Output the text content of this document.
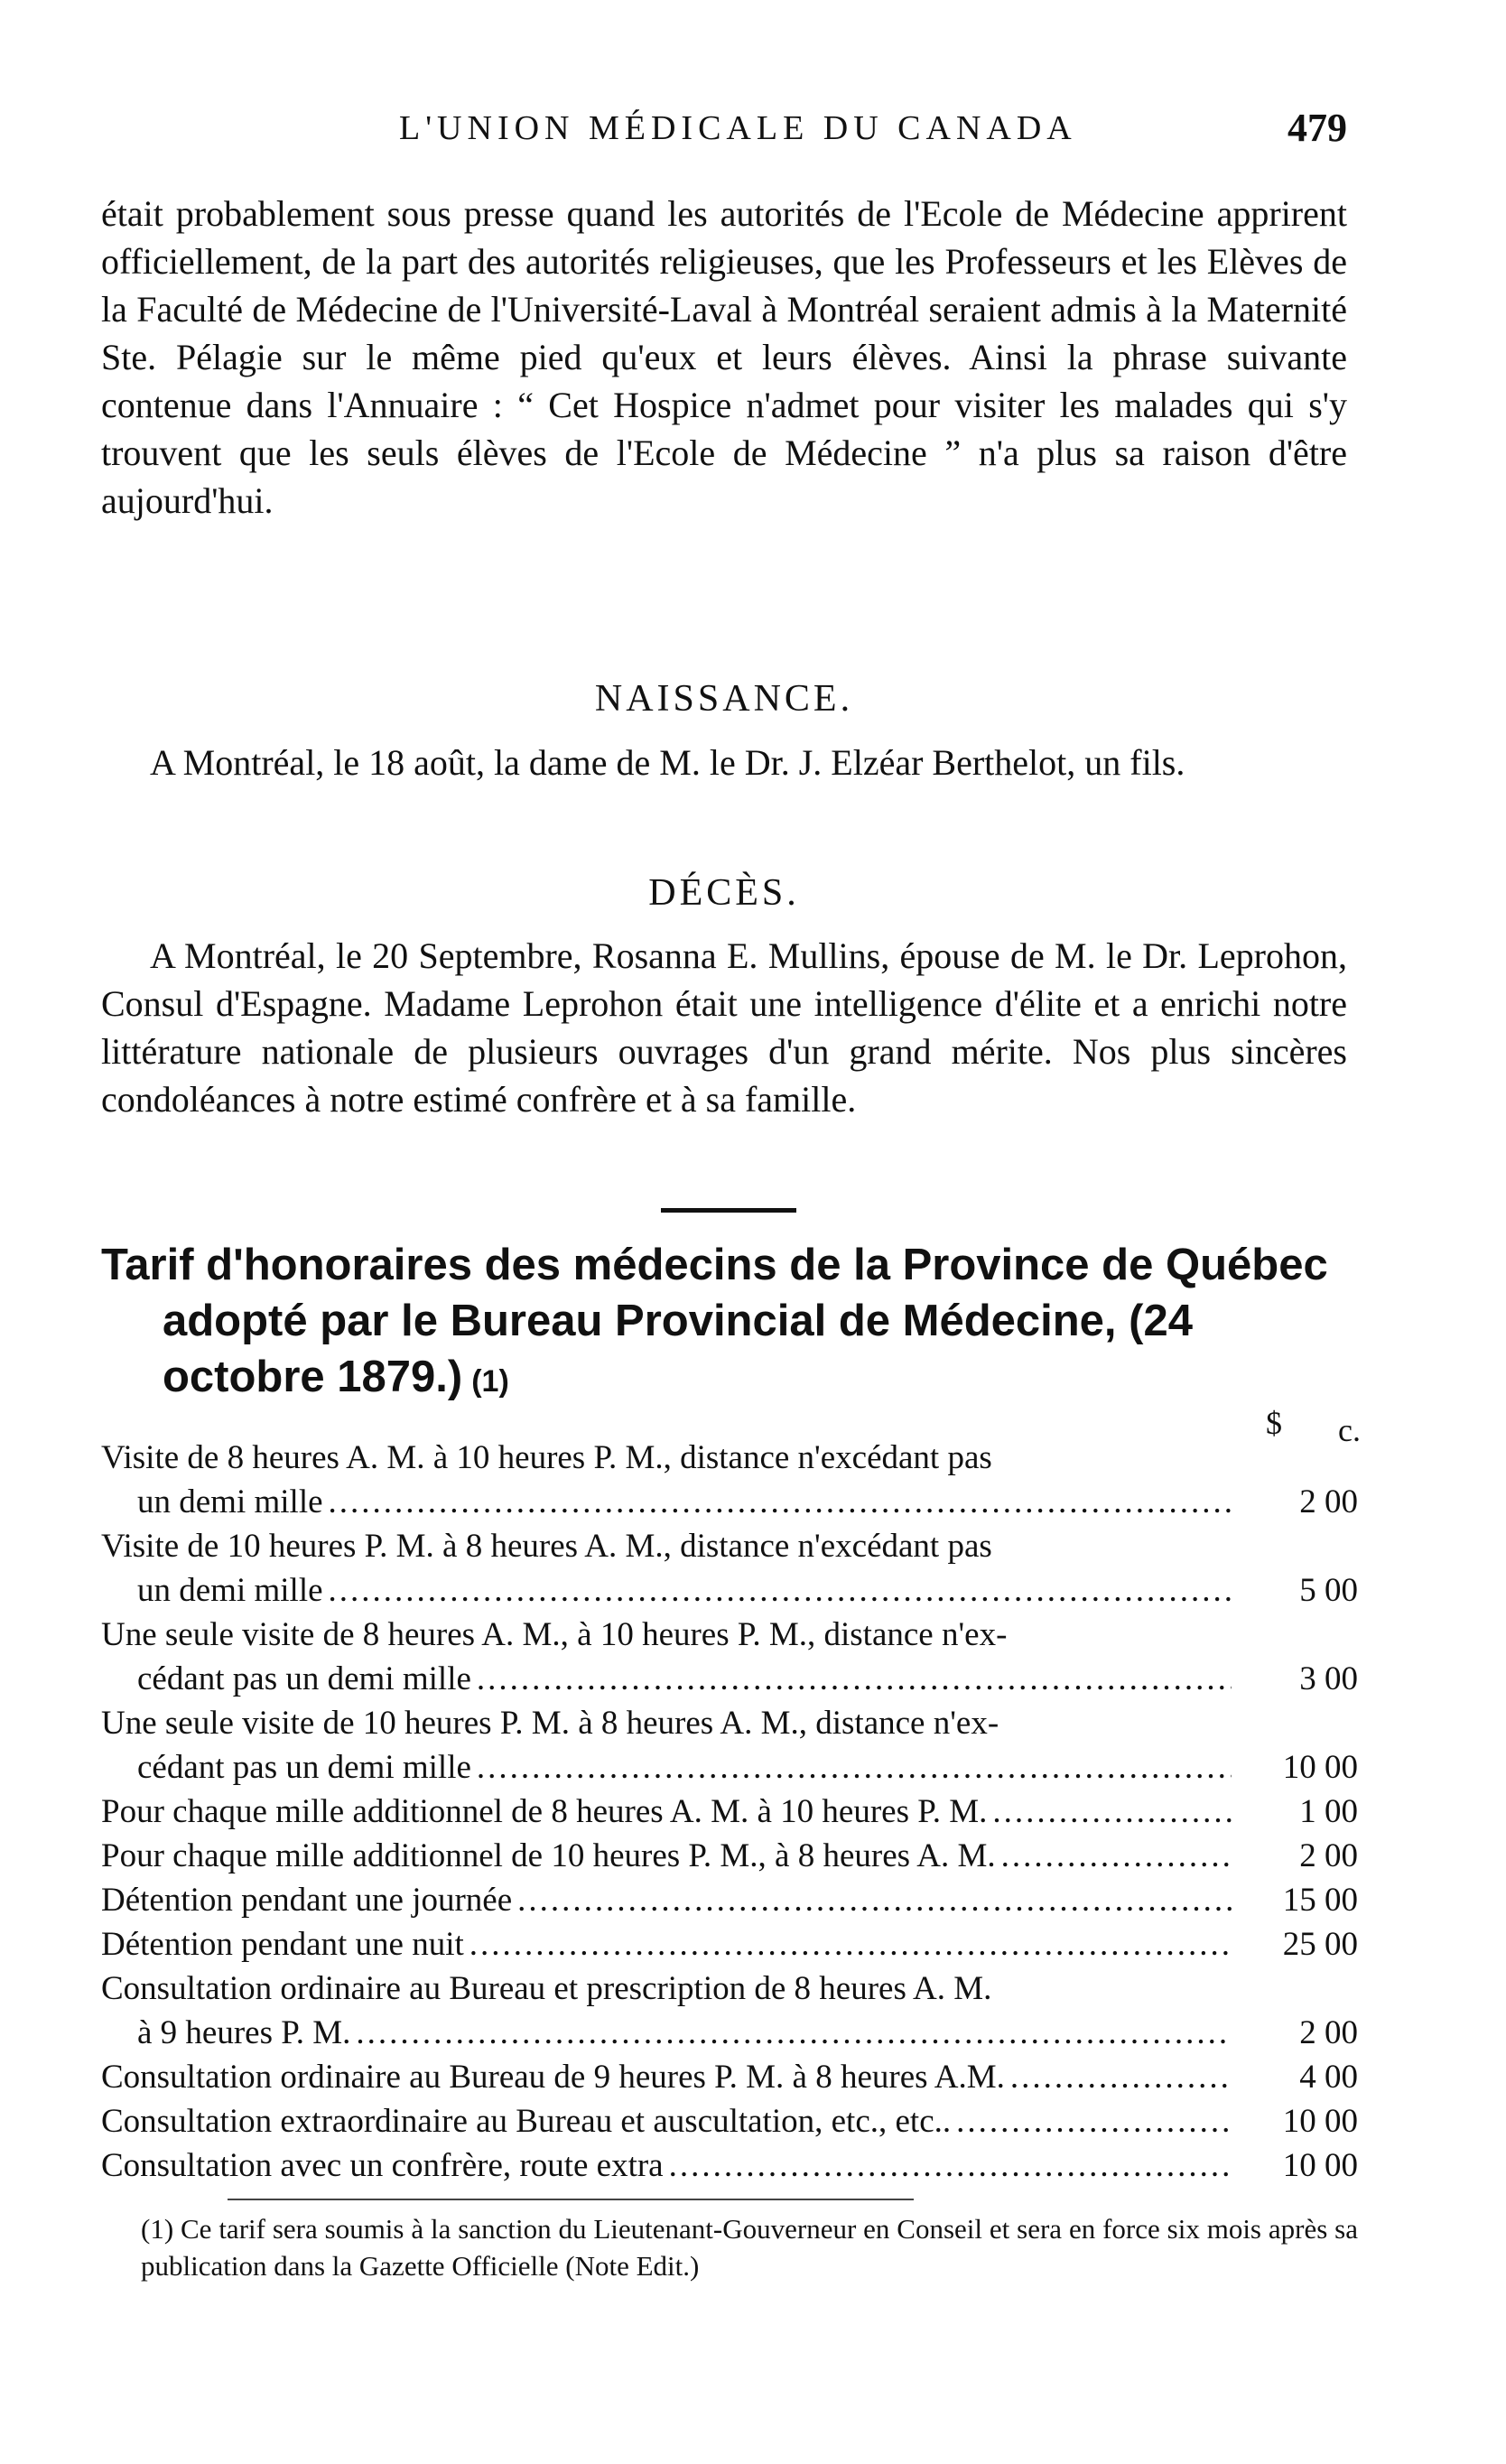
L'UNION MÉDICALE DU CANADA	479

était probablement sous presse quand les autorités de l'Ecole de Médecine apprirent officiellement, de la part des autorités religieuses, que les Professeurs et les Elèves de la Faculté de Médecine de l'Université-Laval à Montréal seraient admis à la Maternité Ste. Pélagie sur le même pied qu'eux et leurs élèves. Ainsi la phrase suivante contenue dans l'Annuaire : “ Cet Hospice n'admet pour visiter les malades qui s'y trouvent que les seuls élèves de l'Ecole de Médecine ” n'a plus sa raison d'être aujourd'hui.

NAISSANCE.

A Montréal, le 18 août, la dame de M. le Dr. J. Elzéar Berthelot, un fils.

DÉCÈS.

A Montréal, le 20 Septembre, Rosanna E. Mullins, épouse de M. le Dr. Leprohon, Consul d'Espagne. Madame Leprohon était une intelligence d'élite et a enrichi notre littérature nationale de plusieurs ouvrages d'un grand mérite. Nos plus sincères condoléances à notre estimé confrère et à sa famille.

Tarif d'honoraires des médecins de la Province de Québec adopté par le Bureau Provincial de Médecine, (24 octobre 1879.) (1)
$ c.
Visite de 8 heures A. M. à 10 heures P. M., distance n'excédant pas
un demi mille .....	2 00
Visite de 10 heures P. M. à 8 heures A. M., distance n'excédant pas
un demi mille .....	5 00
Une seule visite de 8 heures A. M., à 10 heures P. M., distance n'ex-
cédant pas un demi mille .....	3 00
Une seule visite de 10 heures P. M. à 8 heures A. M., distance n'ex-
cédant pas un demi mille .....	10 00
Pour chaque mille additionnel de 8 heures A. M. à 10 heures P. M. .....	1 00
Pour chaque mille additionnel de 10 heures P. M., à 8 heures A. M. .....	2 00
Détention pendant une journée .....	15 00
Détention pendant une nuit .....	25 00
Consultation ordinaire au Bureau et prescription de 8 heures A. M.
à 9 heures P. M. .....	2 00
Consultation ordinaire au Bureau de 9 heures P. M. à 8 heures A.M. .....	4 00
Consultation extraordinaire au Bureau et auscultation, etc., etc.. .....	10 00
Consultation avec un confrère, route extra .....	10 00

(1) Ce tarif sera soumis à la sanction du Lieutenant-Gouverneur en Conseil et sera en force six mois après sa publication dans la Gazette Officielle (Note Edit.)
